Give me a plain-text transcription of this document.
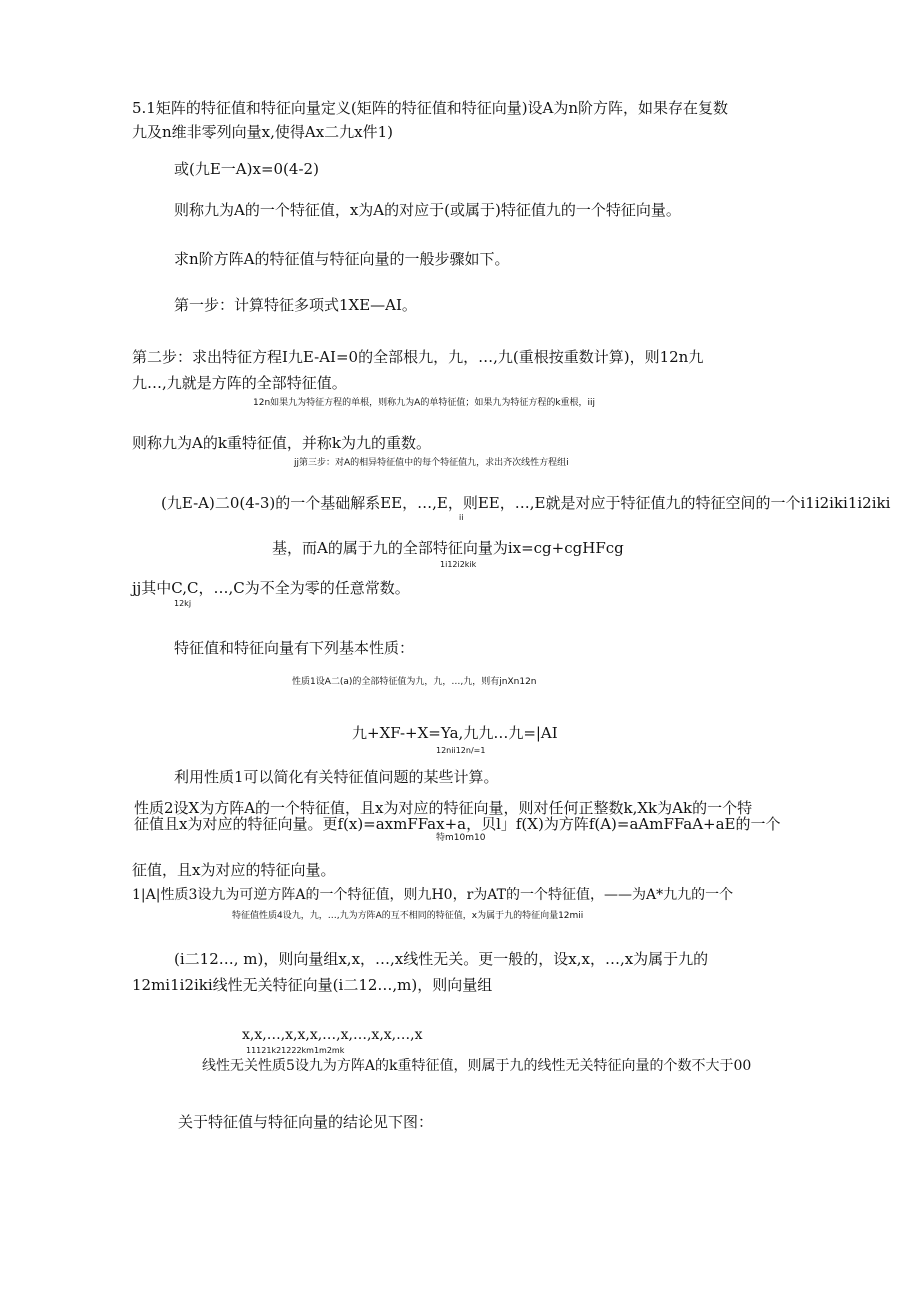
5.1矩阵的特征值和特征向量定义(矩阵的特征值和特征向量)设A为n阶方阵，如果存在复数
九及n维非零列向量x,使得Ax二九x件1)
或(九E一A)x=0(4-2)
则称九为A的一个特征值，x为A的对应于(或属于)特征值九的一个特征向量。
求n阶方阵A的特征值与特征向量的一般步骤如下。
第一步：计算特征多项式1XE—AI。
第二步：求出特征方程I九E-AI=0的全部根九，九，…,九(重根按重数计算)，则12n九
九…,九就是方阵的全部特征值。
12n如果九为特征方程的单根，则称九为A的单特征值；如果九为特征方程的k重根，iij
则称九为A的k重特征值，并称k为九的重数。
jj第三步：对A的相异特征值中的每个特征值九，求出齐次线性方程组i
(九E-A)二0(4-3)的一个基础解系EE，…,E，则EE，…,E就是对应于特征值九的特征空间的一个i1i2iki1i2iki
ii
基，而A的属于九的全部特征向量为ix=cg+cgHFcg
1i12i2kik
jj其中C,C，…,C为不全为零的任意常数。
12kj
特征值和特征向量有下列基本性质：
性质1设A二(a)的全部特征值为九，九，…,九，则有jnXn12n
九+XF-+X=Ya,九九…九=|AI
12nii12n/=1
利用性质1可以简化有关特征值问题的某些计算。
性质2设X为方阵A的一个特征值，且x为对应的特征向量，则对任何正整数k,Xk为Ak的一个特
征值且x为对应的特征向量。更f(x)=axmFFax+a，贝l」f(X)为方阵f(A)=aAmFFaA+aE的一个
特m10m10
征值，且x为对应的特征向量。
1|A|性质3设九为可逆方阵A的一个特征值，则九H0，r为AT的一个特征值，——为A*九九的一个
特征值性质4设九，九，…,九为方阵A的互不相同的特征值，x为属于九的特征向量12mii
(i二12…, m)，则向量组x,x，…,x线性无关。更一般的，设x,x，…,x为属于九的
12mi1i2iki线性无关特征向量(i二12…,m)，则向量组
x,x,…,x,x,x,…,x,…,x,x,…,x
11121k21222km1m2mk
线性无关性质5设九为方阵A的k重特征值，则属于九的线性无关特征向量的个数不大于00
关于特征值与特征向量的结论见下图：
